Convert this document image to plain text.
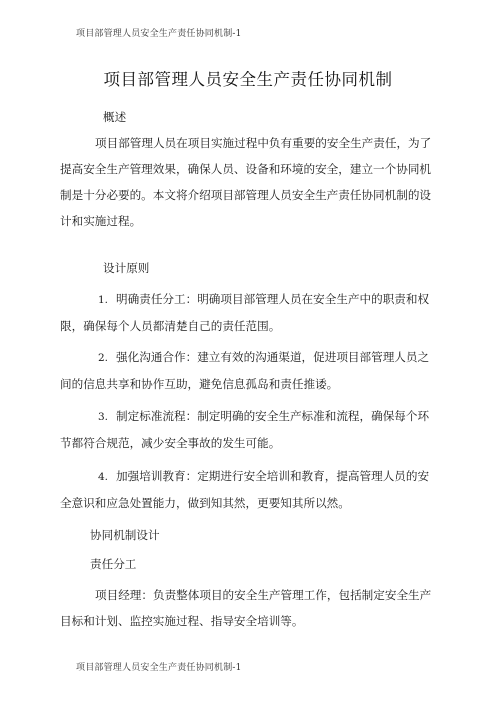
项目部管理人员安全生产责任协同机制-1
项目部管理人员安全生产责任协同机制

概述

项目部管理人员在项目实施过程中负有重要的安全生产责任，为了提高安全生产管理效果，确保人员、设备和环境的安全，建立一个协同机制是十分必要的。本文将介绍项目部管理人员安全生产责任协同机制的设计和实施过程。

设计原则

1. 明确责任分工：明确项目部管理人员在安全生产中的职责和权限，确保每个人员都清楚自己的责任范围。

2. 强化沟通合作：建立有效的沟通渠道，促进项目部管理人员之间的信息共享和协作互助，避免信息孤岛和责任推诿。

3. 制定标准流程：制定明确的安全生产标准和流程，确保每个环节都符合规范，减少安全事故的发生可能。

4. 加强培训教育：定期进行安全培训和教育，提高管理人员的安全意识和应急处置能力，做到知其然，更要知其所以然。

协同机制设计

责任分工

项目经理：负责整体项目的安全生产管理工作，包括制定安全生产目标和计划、监控实施过程、指导安全培训等。

项目部管理人员安全生产责任协同机制-1
